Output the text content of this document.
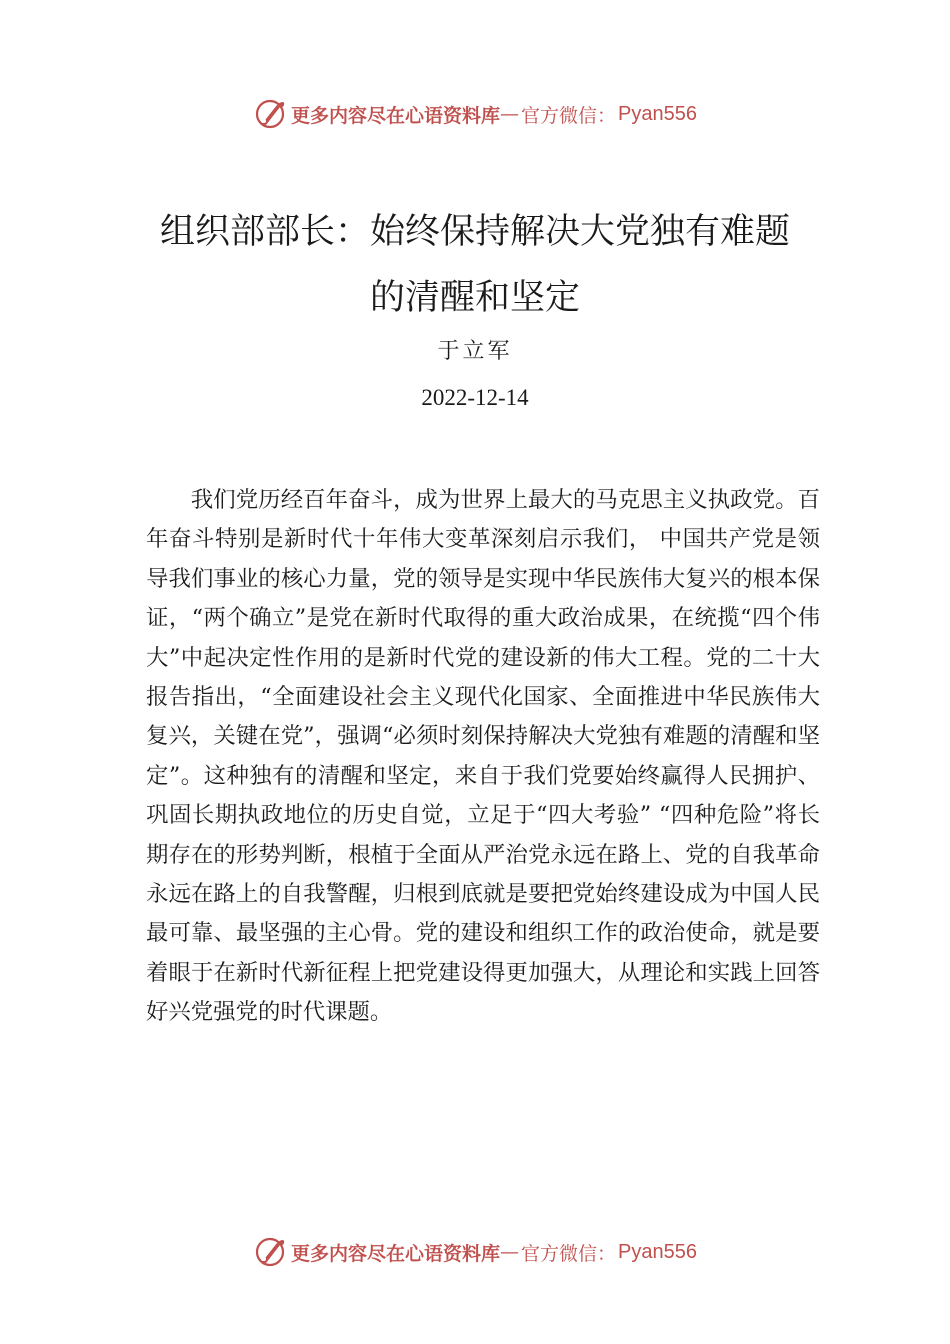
更多内容尽在心语资料库 — 官方微信： Pyan556
组织部部长：始终保持解决大党独有难题
的清醒和坚定
于立军
2022-12-14

我们党历经百年奋斗，成为世界上最大的马克思主义执政党。百年奋斗特别是新时代十年伟大变革深刻启示我们， 中国共产党是领导我们事业的核心力量，党的领导是实现中华民族伟大复兴的根本保证，“两个确立”是党在新时代取得的重大政治成果，在统揽“四个伟大”中起决定性作用的是新时代党的建设新的伟大工程。党的二十大报告指出，“全面建设社会主义现代化国家、全面推进中华民族伟大复兴，关键在党”，强调“必须时刻保持解决大党独有难题的清醒和坚定”。这种独有的清醒和坚定，来自于我们党要始终赢得人民拥护、巩固长期执政地位的历史自觉，立足于“四大考验” “四种危险”将长期存在的形势判断，根植于全面从严治党永远在路上、党的自我革命永远在路上的自我警醒，归根到底就是要把党始终建设成为中国人民最可靠、最坚强的主心骨。党的建设和组织工作的政治使命，就是要着眼于在新时代新征程上把党建设得更加强大，从理论和实践上回答好兴党强党的时代课题。

更多内容尽在心语资料库 — 官方微信： Pyan556
